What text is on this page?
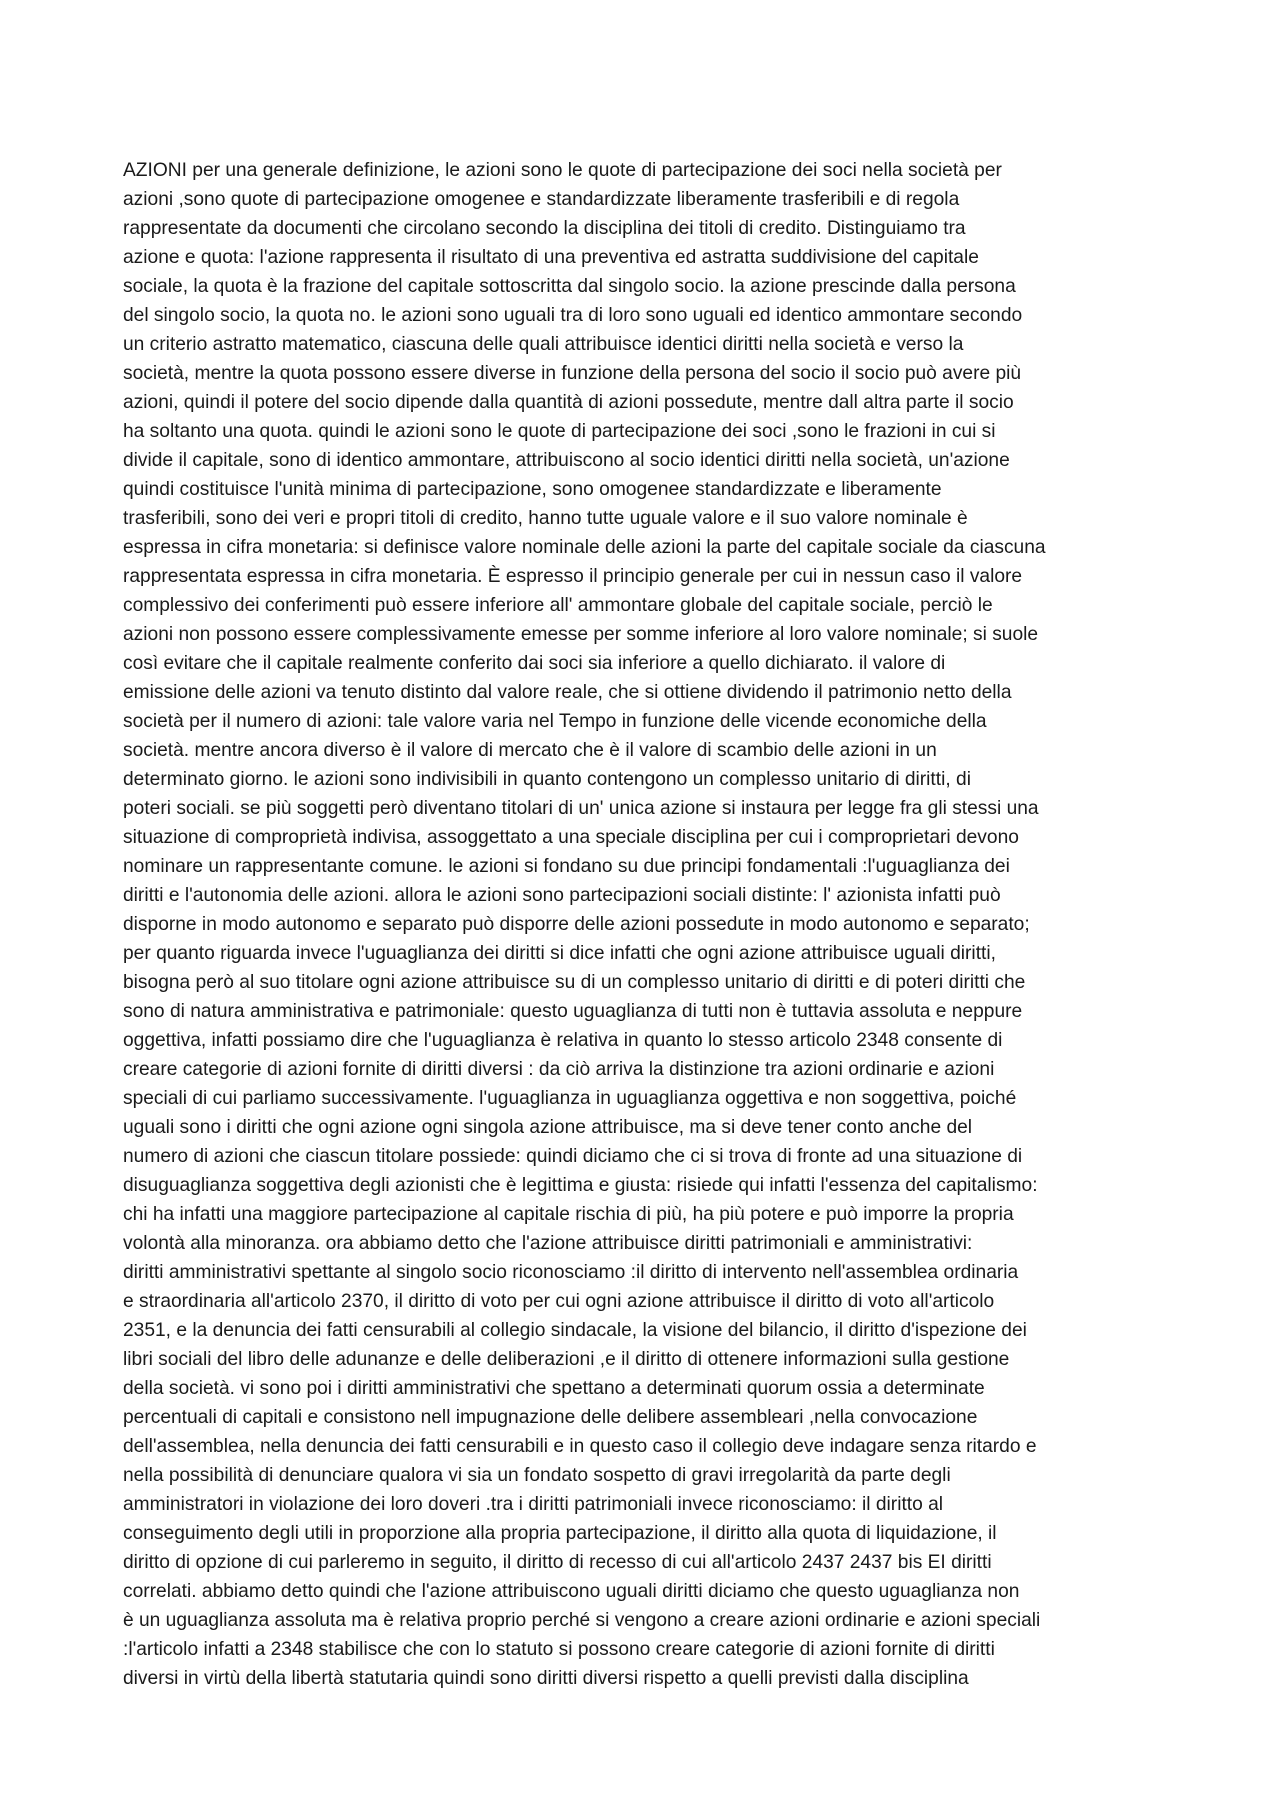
AZIONI per una generale definizione, le azioni sono le quote di partecipazione dei soci nella società per
azioni ,sono quote di partecipazione omogenee e standardizzate liberamente trasferibili e di regola
rappresentate da documenti che circolano secondo la disciplina dei titoli di credito. Distinguiamo tra
azione e quota: l'azione rappresenta il risultato di una preventiva ed astratta suddivisione del capitale
sociale, la quota è la frazione del capitale sottoscritta dal singolo socio. la azione prescinde dalla persona
del singolo socio, la quota no. le azioni sono uguali tra di loro sono uguali ed identico ammontare secondo
un criterio astratto matematico, ciascuna delle quali attribuisce identici diritti nella società e verso la
società, mentre la quota possono essere diverse in funzione della persona del socio il socio può avere più
azioni, quindi il potere del socio dipende dalla quantità di azioni possedute, mentre dall altra parte il socio
ha soltanto una quota. quindi le azioni sono le quote di partecipazione dei soci ,sono le frazioni in cui si
divide il capitale, sono di identico ammontare, attribuiscono al socio identici diritti nella società, un'azione
quindi costituisce l'unità minima di partecipazione, sono omogenee standardizzate e liberamente
trasferibili, sono dei veri e propri titoli di credito, hanno tutte uguale valore e il suo valore nominale è
espressa in cifra monetaria: si definisce valore nominale delle azioni la parte del capitale sociale da ciascuna
rappresentata espressa in cifra monetaria. È espresso il principio generale per cui in nessun caso il valore
complessivo dei conferimenti può essere inferiore all' ammontare globale del capitale sociale, perciò le
azioni non possono essere complessivamente emesse per somme inferiore al loro valore nominale; si suole
così evitare che il capitale realmente conferito dai soci sia inferiore a quello dichiarato. il valore di
emissione delle azioni va tenuto distinto dal valore reale, che si ottiene dividendo il patrimonio netto della
società per il numero di azioni: tale valore varia nel Tempo in funzione delle vicende economiche della
società. mentre ancora diverso è il valore di mercato che è il valore di scambio delle azioni in un
determinato giorno. le azioni sono indivisibili in quanto contengono un complesso unitario di diritti, di
poteri sociali. se più soggetti però diventano titolari di un' unica azione si instaura per legge fra gli stessi una
situazione di comproprietà indivisa, assoggettato a una speciale disciplina per cui i comproprietari devono
nominare un rappresentante comune. le azioni si fondano su due principi fondamentali :l'uguaglianza dei
diritti e l'autonomia delle azioni. allora le azioni sono partecipazioni sociali distinte: l' azionista infatti può
disporne in modo autonomo e separato può disporre delle azioni possedute in modo autonomo e separato;
per quanto riguarda invece l'uguaglianza dei diritti si dice infatti che ogni azione attribuisce uguali diritti,
bisogna però al suo titolare ogni azione attribuisce su di un complesso unitario di diritti e di poteri diritti che
sono di natura amministrativa e patrimoniale: questo uguaglianza di tutti non è tuttavia assoluta e neppure
oggettiva, infatti possiamo dire che l'uguaglianza è relativa in quanto lo stesso articolo 2348 consente di
creare categorie di azioni fornite di diritti diversi : da ciò arriva la distinzione tra azioni ordinarie e azioni
speciali di cui parliamo successivamente. l'uguaglianza in uguaglianza oggettiva e non soggettiva, poiché
uguali sono i diritti che ogni azione ogni singola azione attribuisce, ma si deve tener conto anche del
numero di azioni che ciascun titolare possiede: quindi diciamo che ci si trova di fronte ad una situazione di
disuguaglianza soggettiva degli azionisti che è legittima e giusta: risiede qui infatti l'essenza del capitalismo:
chi ha infatti una maggiore partecipazione al capitale rischia di più, ha più potere e può imporre la propria
volontà alla minoranza. ora abbiamo detto che l'azione attribuisce diritti patrimoniali e amministrativi:
diritti amministrativi spettante al singolo socio riconosciamo :il diritto di intervento nell'assemblea ordinaria
e straordinaria all'articolo 2370, il diritto di voto per cui ogni azione attribuisce il diritto di voto all'articolo
2351, e la denuncia dei fatti censurabili al collegio sindacale, la visione del bilancio, il diritto d'ispezione dei
libri sociali del libro delle adunanze e delle deliberazioni ,e il diritto di ottenere informazioni sulla gestione
della società. vi sono poi i diritti amministrativi che spettano a determinati quorum ossia a determinate
percentuali di capitali e consistono nell impugnazione delle delibere assembleari ,nella convocazione
dell'assemblea, nella denuncia dei fatti censurabili e in questo caso il collegio deve indagare senza ritardo e
nella possibilità di denunciare qualora vi sia un fondato sospetto di gravi irregolarità da parte degli
amministratori in violazione dei loro doveri .tra i diritti patrimoniali invece riconosciamo: il diritto al
conseguimento degli utili in proporzione alla propria partecipazione, il diritto alla quota di liquidazione, il
diritto di opzione di cui parleremo in seguito, il diritto di recesso di cui all'articolo 2437 2437 bis EI diritti
correlati. abbiamo detto quindi che l'azione attribuiscono uguali diritti diciamo che questo uguaglianza non
è un uguaglianza assoluta ma è relativa proprio perché si vengono a creare azioni ordinarie e azioni speciali
:l'articolo infatti a 2348 stabilisce che con lo statuto si possono creare categorie di azioni fornite di diritti
diversi in virtù della libertà statutaria quindi sono diritti diversi rispetto a quelli previsti dalla disciplina
